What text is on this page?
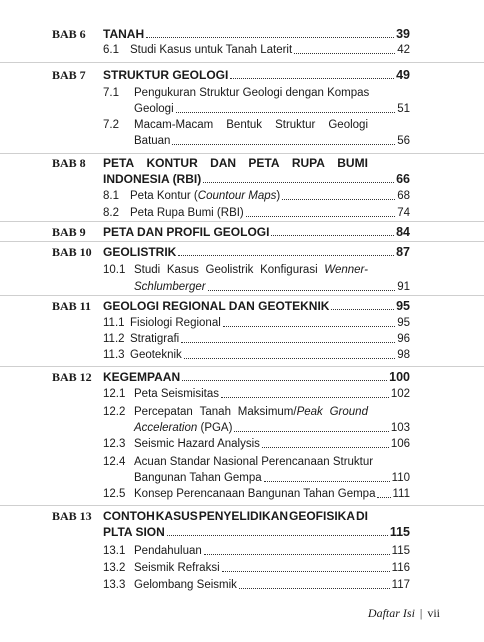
BAB 6 TANAH	39
6.1 Studi Kasus untuk Tanah Laterit	42
BAB 7 STRUKTUR GEOLOGI	49
7.1 Pengukuran Struktur Geologi dengan Kompas
Geologi	51
7.2 Macam-Macam Bentuk Struktur Geologi
Batuan	56
BAB 8 PETA KONTUR DAN PETA RUPA BUMI
INDONESIA (RBI)	66
8.1 Peta Kontur (Countour Maps)	68
8.2 Peta Rupa Bumi (RBI)	74
BAB 9 PETA DAN PROFIL GEOLOGI	84
BAB 10 GEOLISTRIK	87
10.1 Studi Kasus Geolistrik Konfigurasi Wenner-
Schlumberger	91
BAB 11 GEOLOGI REGIONAL DAN GEOTEKNIK	95
11.1 Fisiologi Regional	95
11.2 Stratigrafi	96
11.3 Geoteknik	98
BAB 12 KEGEMPAAN	100
12.1 Peta Seismisitas	102
12.2 Percepatan Tanah Maksimum/Peak Ground
Acceleration (PGA)	103
12.3 Seismic Hazard Analysis	106
12.4 Acuan Standar Nasional Perencanaan Struktur
Bangunan Tahan Gempa	110
12.5 Konsep Perencanaan Bangunan Tahan Gempa 111
BAB 13 CONTOH KASUS PENYELIDIKAN GEOFISIKA DI
PLTA SION	115
13.1 Pendahuluan	115
13.2 Seismik Refraksi	116
13.3 Gelombang Seismik	117
Daftar Isi | vii
